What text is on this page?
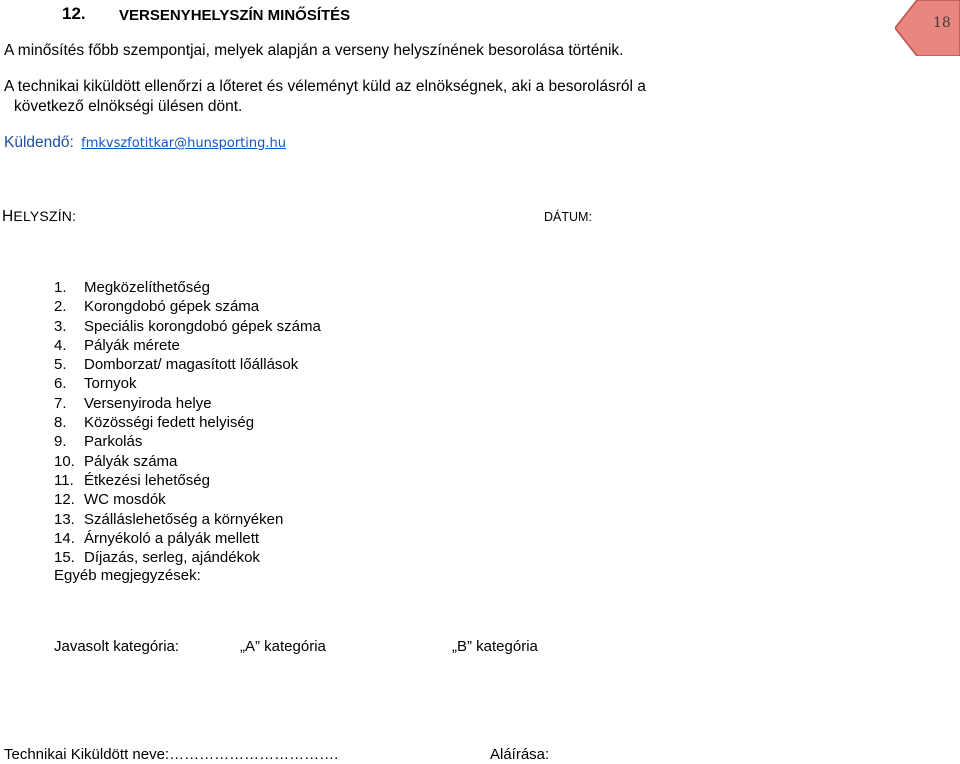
12. VERSENYHELYSZÍN MINŐSÍTÉS
A minősítés főbb szempontjai, melyek alapján a verseny helyszínének besorolása történik.
A technikai kiküldött ellenőrzi a lőteret és véleményt küld az elnökségnek, aki a besorolásról a
következő elnökségi ülésen dönt.
Küldendő: fmkvszfotitkar@hunsporting.hu
HELYSZÍN:	DÁTUM:
1. Megközelíthetőség
2. Korongdobó gépek száma
3. Speciális korongdobó gépek száma
4. Pályák mérete
5. Domborzat/ magasított lőállások
6. Tornyok
7. Versenyiroda helye
8. Közösségi fedett helyiség
9. Parkolás
10. Pályák száma
11. Étkezési lehetőség
12. WC mosdók
13. Szálláslehetőség a környéken
14. Árnyékoló a pályák mellett
15. Díjazás, serleg, ajándékok
Egyéb megjegyzések:
Javasolt kategória:	„A” kategória	„B” kategória
Technikai Kiküldött neve:…………………………….	Aláírása:
18
